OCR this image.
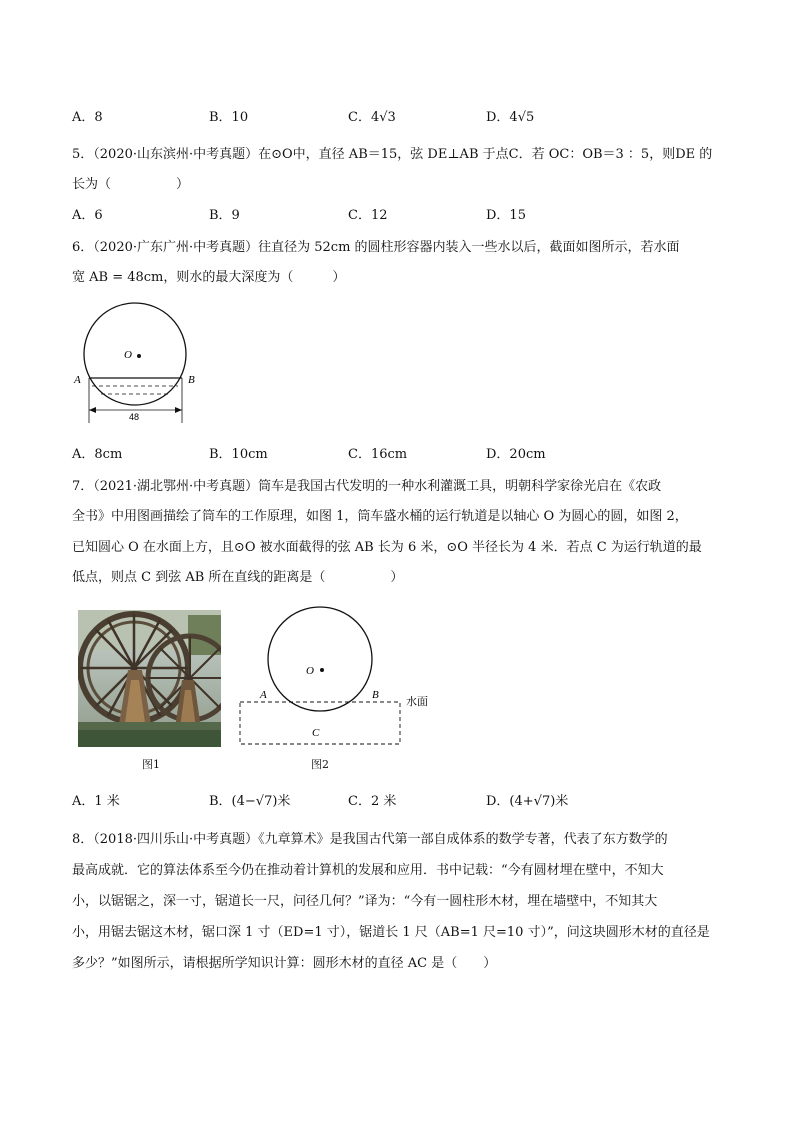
A．8	B．10	C．4√3	D．4√5
5．（2020·山东滨州·中考真题）在⊙O中，直径 AB＝15，弦 DE⊥AB 于点C．若 OC：OB＝3 ：5，则DE 的
长为（　　　　　）
A．6	B．9	C．12	D．15
6．（2020·广东广州·中考真题）往直径为 52cm 的圆柱形容器内装入一些水以后，截面如图所示，若水面
宽 AB = 48cm，则水的最大深度为（　　　）
O
A	B
48
A．8cm	B．10cm	C．16cm	D．20cm
7．（2021·湖北鄂州·中考真题）筒车是我国古代发明的一种水利灌溉工具，明朝科学家徐光启在《农政
全书》中用图画描绘了筒车的工作原理，如图 1，筒车盛水桶的运行轨道是以轴心 O 为圆心的圆，如图 2，
已知圆心 O 在水面上方，且⊙O 被水面截得的弦 AB 长为 6 米，⊙O 半径长为 4 米．若点 C 为运行轨道的最
低点，则点 C 到弦 AB 所在直线的距离是（　　　　　）
图1
O
A	B
C
水面
图2
A．1 米	B．(4−√7)米	C．2 米	D．(4+√7)米
8．（2018·四川乐山·中考真题）《九章算术》是我国古代第一部自成体系的数学专著，代表了东方数学的
最高成就．它的算法体系至今仍在推动着计算机的发展和应用．书中记载：“今有圆材埋在壁中，不知大
小，以锯锯之，深一寸，锯道长一尺，问径几何？”译为：“今有一圆柱形木材，埋在墙壁中，不知其大
小，用锯去锯这木材，锯口深 1 寸（ED=1 寸），锯道长 1 尺（AB=1 尺=10 寸）”，问这块圆形木材的直径是
多少？”如图所示，请根据所学知识计算：圆形木材的直径 AC 是（　　）
